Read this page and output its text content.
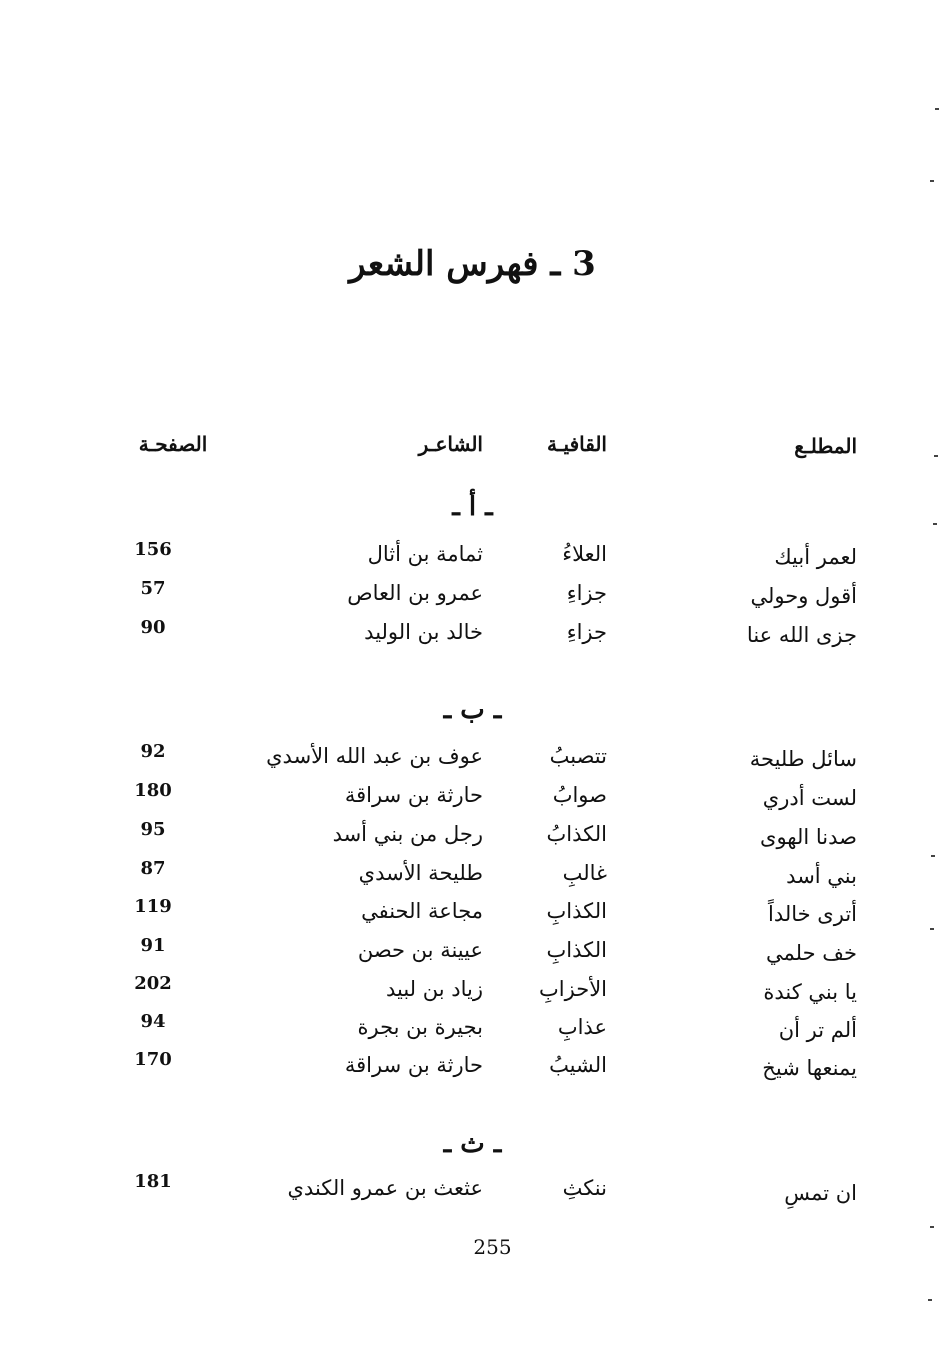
3 ـ فهرس الشعر
المطلـع
القافيـة
الشاعـر
الصفحـة
ـ أ ـ
لعمر أبيك
العلاءُ
ثمامة بن أثال
156
أقول وحولي
جزاءِ
عمرو بن العاص
57
جزى الله عنا
جزاءِ
خالد بن الوليد
90
ـ ب ـ
سائل طليحة
تتصببُ
عوف بن عبد الله الأسدي
92
لست أدري
صوابُ
حارثة بن سراقة
180
صدنا الهوى
الكذابُ
رجل من بني أسد
95
بني أسد
غالبِ
طليحة الأسدي
87
أترى خالداً
الكذابِ
مجاعة الحنفي
119
خف حلمي
الكذابِ
عيينة بن حصن
91
يا بني كندة
الأحزابِ
زياد بن لبيد
202
ألم تر أن
عذابِ
بجيرة بن بجرة
94
يمنعها شيخ
الشيبُ
حارثة بن سراقة
170
ـ ث ـ
ان تمسِ
ننكثِ
عثعث بن عمرو الكندي
181
255
